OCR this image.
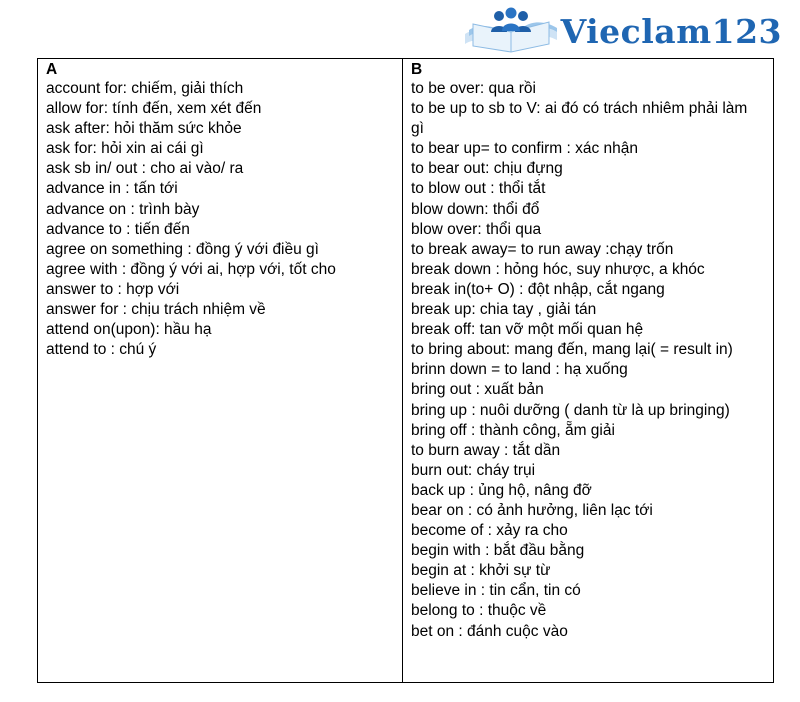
Vieclam123
A
account for: chiếm, giải thích
allow for: tính đến, xem xét đến
ask after: hỏi thăm sức khỏe
ask for: hỏi xin ai cái gì
ask sb in/ out : cho ai vào/ ra
advance in : tấn tới
advance on : trình bày
advance to : tiến đến
agree on something : đồng ý với điều gì
agree with : đồng ý với ai, hợp với, tốt cho
answer to : hợp với
answer for : chịu trách nhiệm về
attend on(upon): hầu hạ
attend to : chú ý
B
to be over: qua rồi
to be up to sb to V: ai đó có trách nhiêm phải làm gì
to bear up= to confirm : xác nhận
to bear out: chịu đựng
to blow out : thổi tắt
blow down: thổi đổ
blow over: thổi qua
to break away= to run away :chạy trốn
break down : hỏng hóc, suy nhược, a khóc
break in(to+ O) : đột nhập, cắt ngang
break up: chia tay , giải tán
break off: tan vỡ một mối quan hệ
to bring about: mang đến, mang lại( = result in)
brinn down = to land : hạ xuống
bring out : xuất bản
bring up : nuôi dưỡng ( danh từ là up bringing)
bring off : thành công, ẵm giải
to burn away : tắt dần
burn out: cháy trụi
back up : ủng hộ, nâng đỡ
bear on : có ảnh hưởng, liên lạc tới
become of : xảy ra cho
begin with : bắt đầu bằng
begin at : khởi sự từ
believe in : tin cẩn, tin có
belong to : thuộc về
bet on : đánh cuộc vào
